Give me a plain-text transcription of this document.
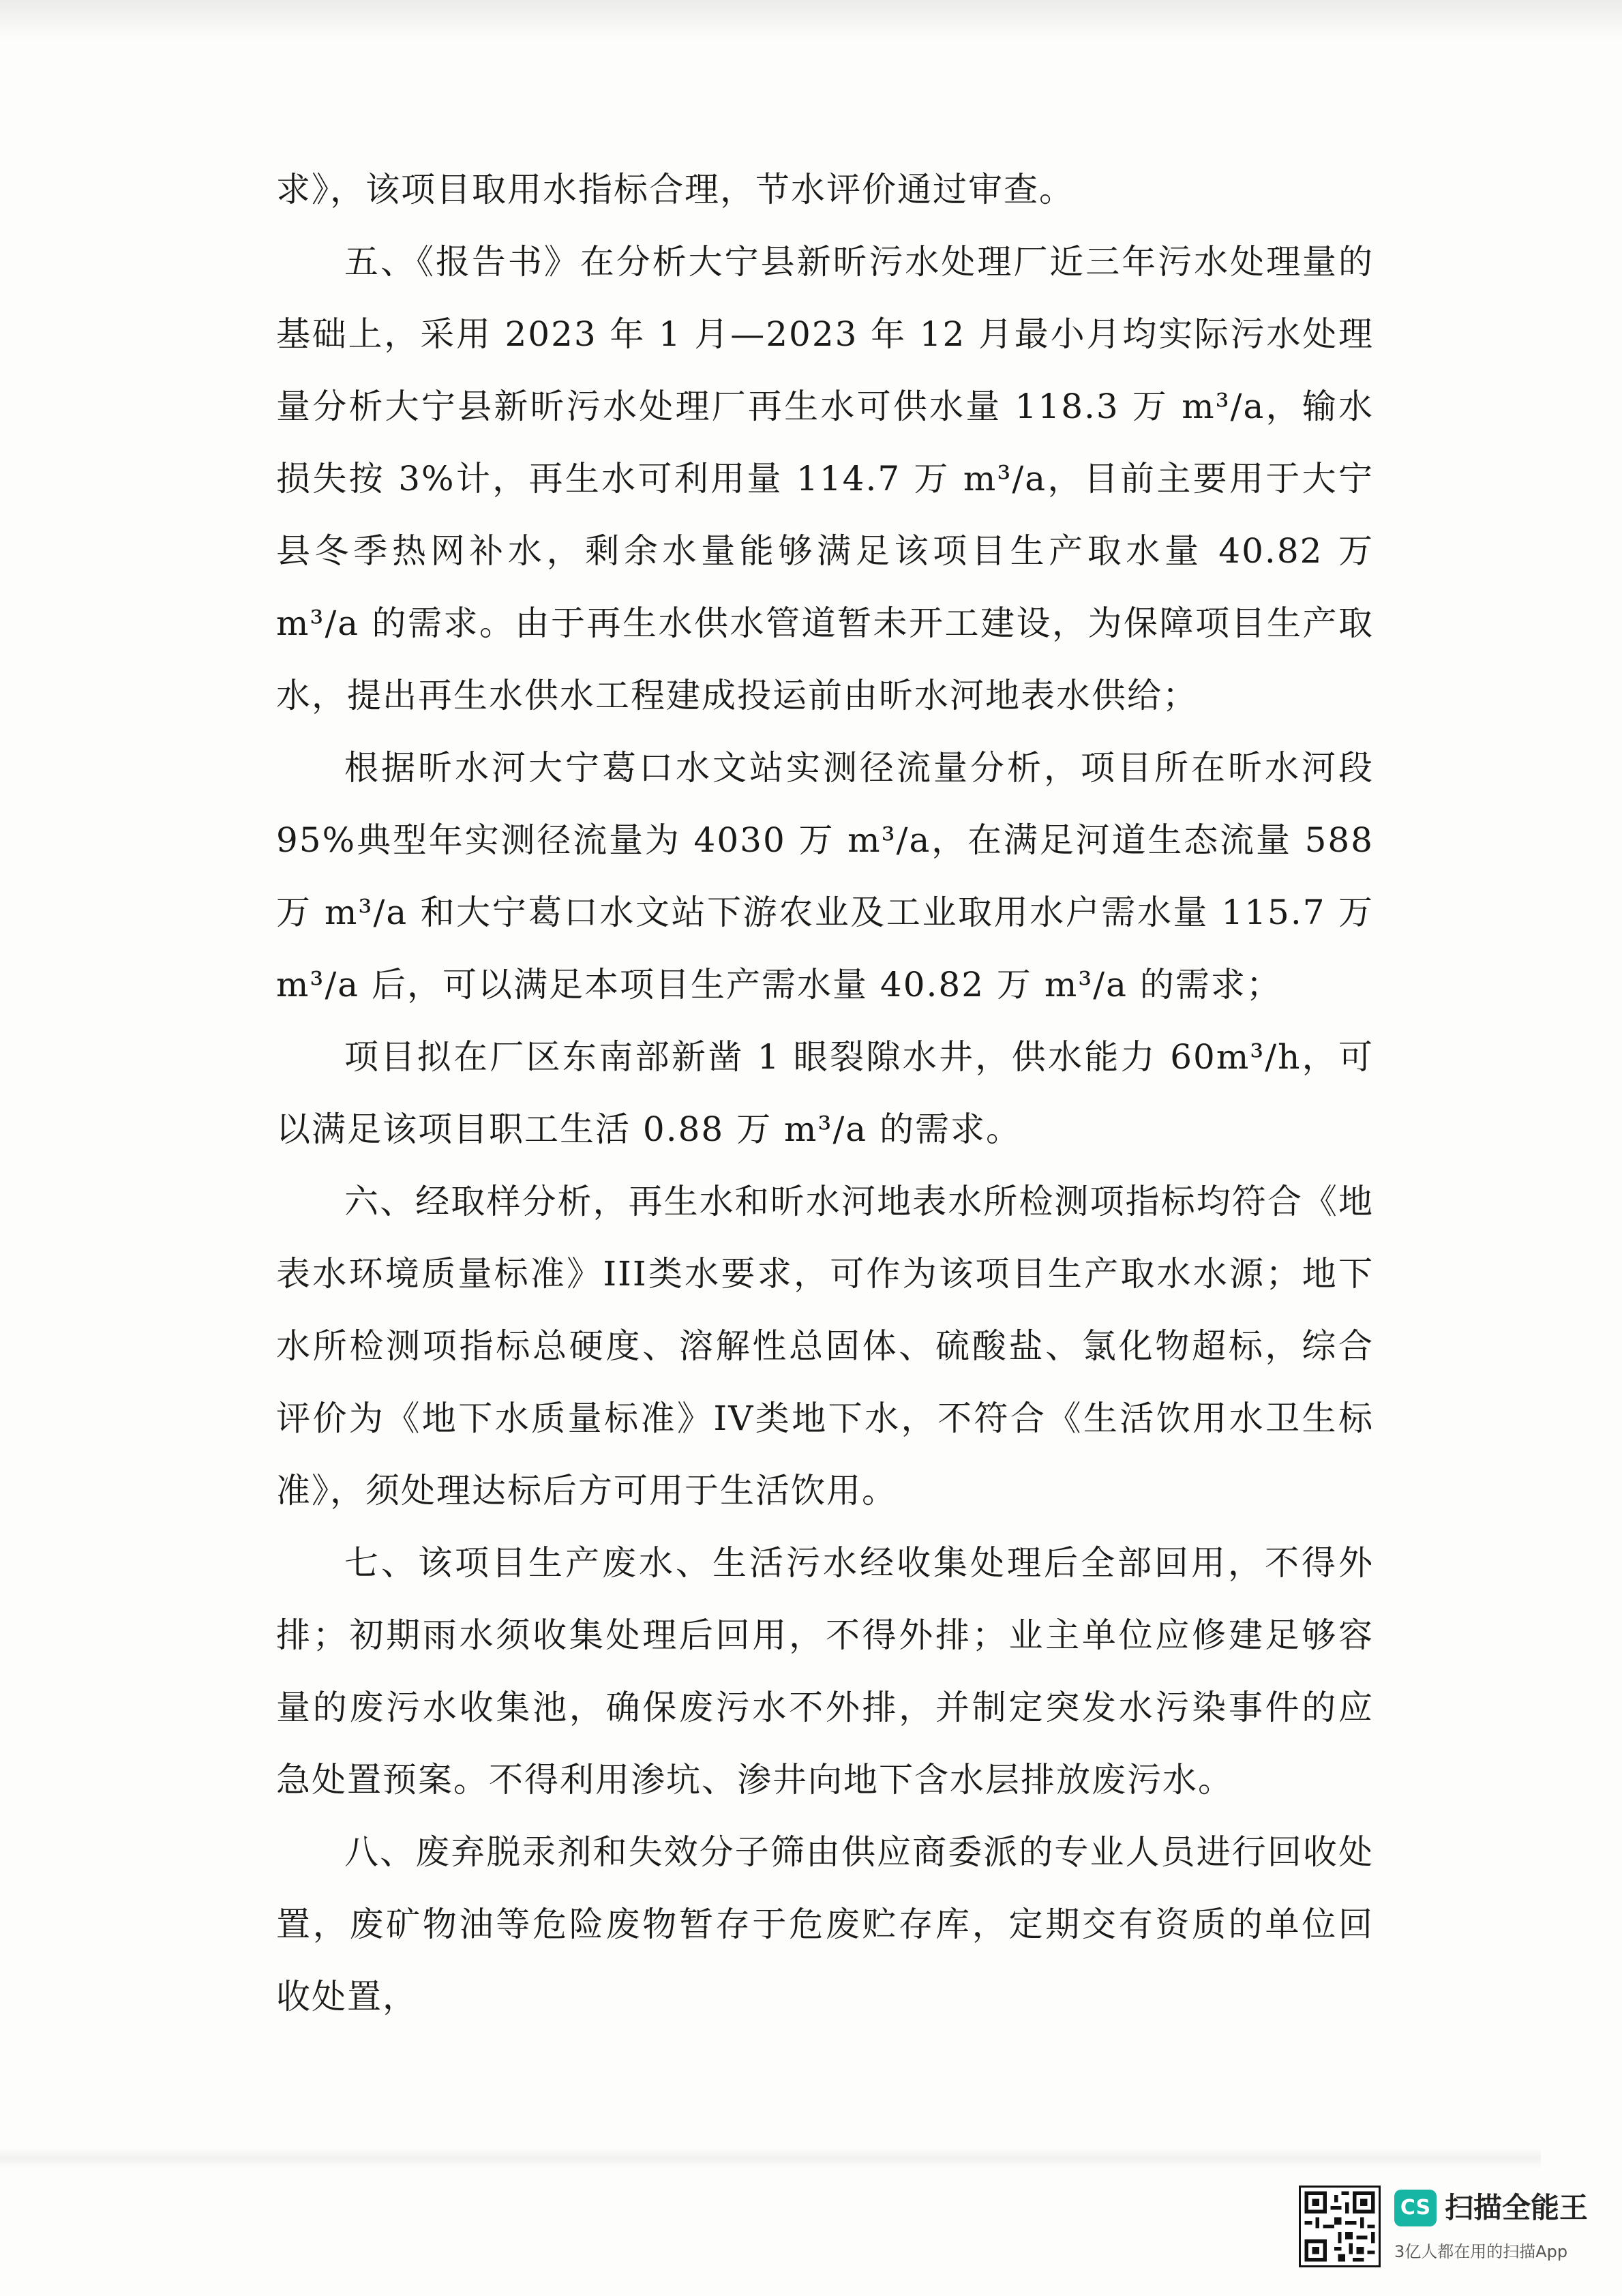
求》，该项目取用水指标合理，节水评价通过审查。

五、《报告书》在分析大宁县新昕污水处理厂近三年污水处理量的基础上，采用 2023 年 1 月—2023 年 12 月最小月均实际污水处理量分析大宁县新昕污水处理厂再生水可供水量 118.3 万 m³/a，输水损失按 3%计，再生水可利用量 114.7 万 m³/a，目前主要用于大宁县冬季热网补水，剩余水量能够满足该项目生产取水量 40.82 万 m³/a 的需求。由于再生水供水管道暂未开工建设，为保障项目生产取水，提出再生水供水工程建成投运前由昕水河地表水供给；

根据昕水河大宁葛口水文站实测径流量分析，项目所在昕水河段 95%典型年实测径流量为 4030 万 m³/a，在满足河道生态流量 588 万 m³/a 和大宁葛口水文站下游农业及工业取用水户需水量 115.7 万 m³/a 后，可以满足本项目生产需水量 40.82 万 m³/a 的需求；

项目拟在厂区东南部新凿 1 眼裂隙水井，供水能力 60m³/h，可以满足该项目职工生活 0.88 万 m³/a 的需求。

六、经取样分析，再生水和昕水河地表水所检测项指标均符合《地表水环境质量标准》III类水要求，可作为该项目生产取水水源；地下水所检测项指标总硬度、溶解性总固体、硫酸盐、氯化物超标，综合评价为《地下水质量标准》IV类地下水，不符合《生活饮用水卫生标准》，须处理达标后方可用于生活饮用。

七、该项目生产废水、生活污水经收集处理后全部回用，不得外排；初期雨水须收集处理后回用，不得外排；业主单位应修建足够容量的废污水收集池，确保废污水不外排，并制定突发水污染事件的应急处置预案。不得利用渗坑、渗井向地下含水层排放废污水。

八、废弃脱汞剂和失效分子筛由供应商委派的专业人员进行回收处置，废矿物油等危险废物暂存于危废贮存库，定期交有资质的单位回收处置，

CS 扫描全能王
3亿人都在用的扫描App
